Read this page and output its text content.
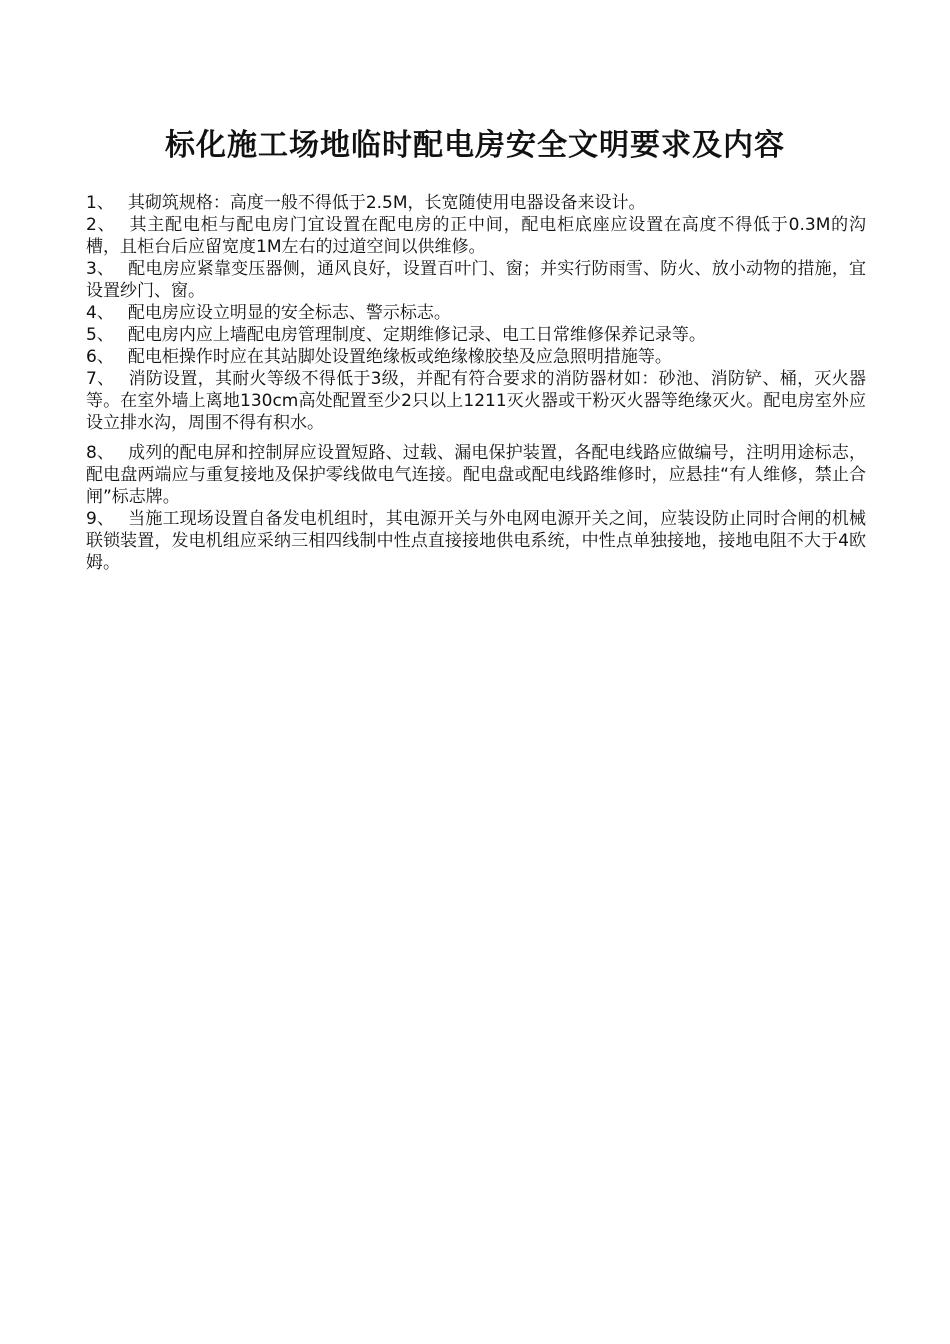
标化施工场地临时配电房安全文明要求及内容

1、 其砌筑规格：高度一般不得低于2.5M，长宽随使用电器设备来设计。

2、 其主配电柜与配电房门宜设置在配电房的正中间，配电柜底座应设置在高度不得低于0.3M的沟槽，且柜台后应留宽度1M左右的过道空间以供维修。

3、 配电房应紧靠变压器侧，通风良好，设置百叶门、窗；并实行防雨雪、防火、放小动物的措施，宜设置纱门、窗。

4、 配电房应设立明显的安全标志、警示标志。

5、 配电房内应上墙配电房管理制度、定期维修记录、电工日常维修保养记录等。

6、 配电柜操作时应在其站脚处设置绝缘板或绝缘橡胶垫及应急照明措施等。

7、 消防设置，其耐火等级不得低于3级，并配有符合要求的消防器材如：砂池、消防铲、桶，灭火器等。在室外墙上离地130cm高处配置至少2只以上1211灭火器或干粉灭火器等绝缘灭火。配电房室外应设立排水沟，周围不得有积水。

8、 成列的配电屏和控制屏应设置短路、过载、漏电保护装置，各配电线路应做编号，注明用途标志，配电盘两端应与重复接地及保护零线做电气连接。配电盘或配电线路维修时，应悬挂“有人维修，禁止合闸”标志牌。

9、 当施工现场设置自备发电机组时，其电源开关与外电网电源开关之间，应装设防止同时合闸的机械联锁装置，发电机组应采纳三相四线制中性点直接接地供电系统，中性点单独接地，接地电阻不大于4欧姆。
